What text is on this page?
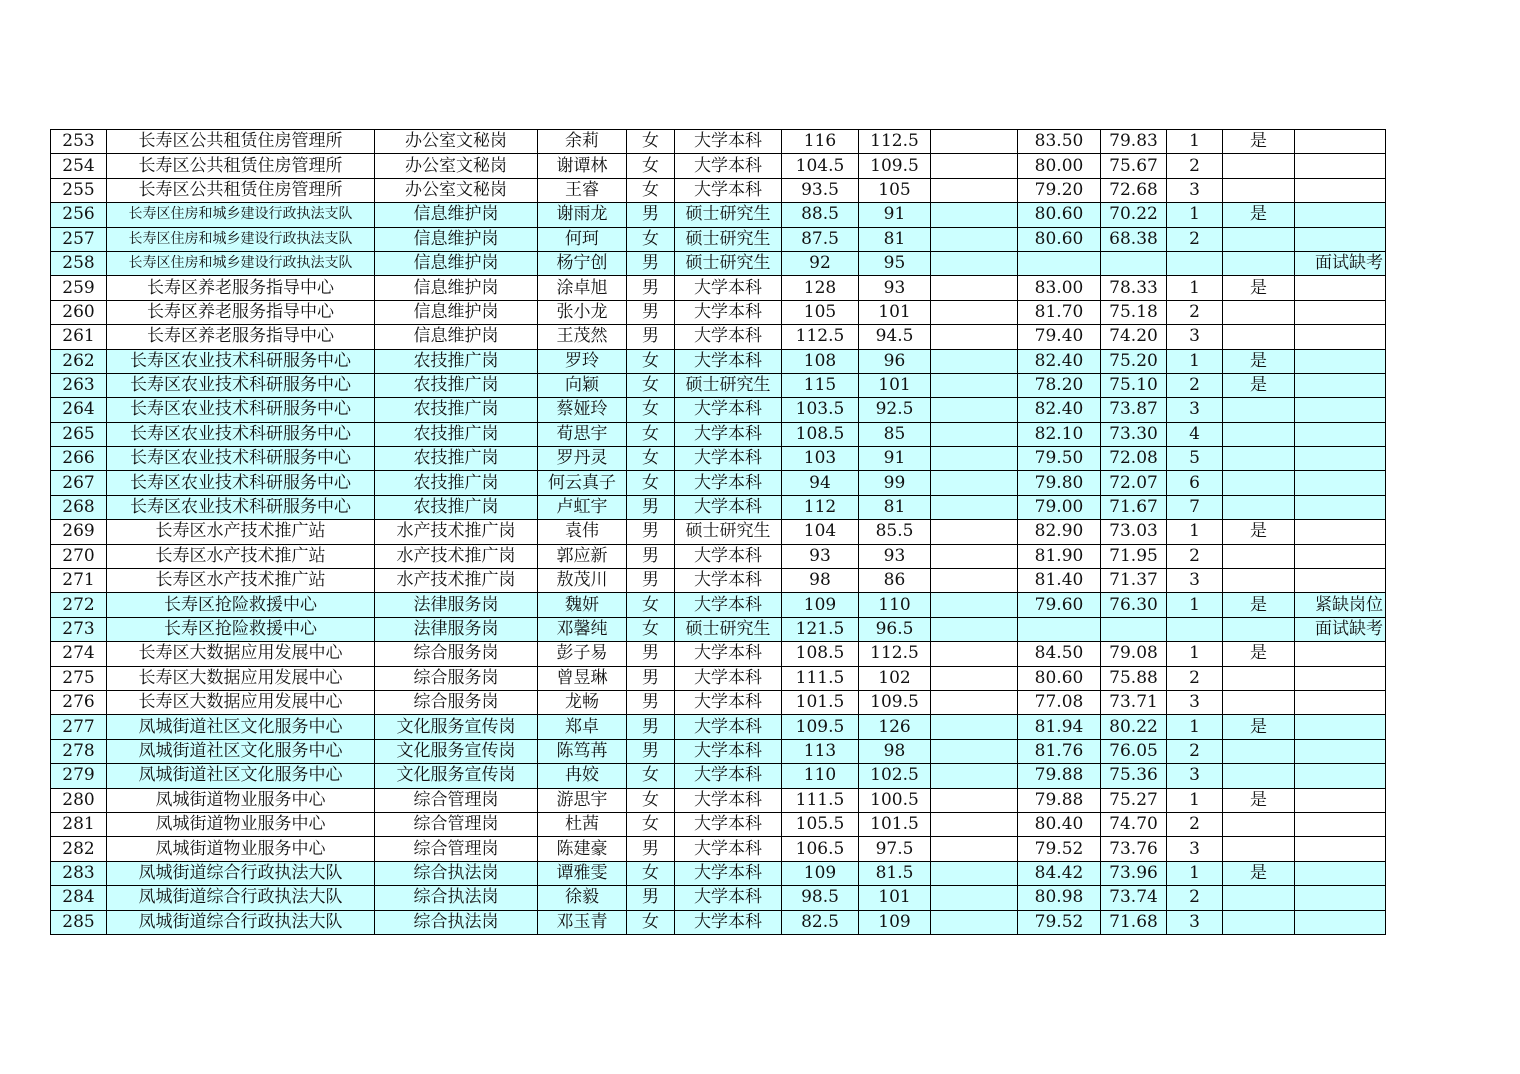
253	长寿区公共租赁住房管理所	办公室文秘岗	余莉	女	大学本科	116	112.5		83.50	79.83	1	是	
254	长寿区公共租赁住房管理所	办公室文秘岗	谢谭林	女	大学本科	104.5	109.5		80.00	75.67	2		
255	长寿区公共租赁住房管理所	办公室文秘岗	王睿	女	大学本科	93.5	105		79.20	72.68	3		
256	长寿区住房和城乡建设行政执法支队	信息维护岗	谢雨龙	男	硕士研究生	88.5	91		80.60	70.22	1	是	
257	长寿区住房和城乡建设行政执法支队	信息维护岗	何珂	女	硕士研究生	87.5	81		80.60	68.38	2		
258	长寿区住房和城乡建设行政执法支队	信息维护岗	杨宁创	男	硕士研究生	92	95						面试缺考
259	长寿区养老服务指导中心	信息维护岗	涂卓旭	男	大学本科	128	93		83.00	78.33	1	是	
260	长寿区养老服务指导中心	信息维护岗	张小龙	男	大学本科	105	101		81.70	75.18	2		
261	长寿区养老服务指导中心	信息维护岗	王茂然	男	大学本科	112.5	94.5		79.40	74.20	3		
262	长寿区农业技术科研服务中心	农技推广岗	罗玲	女	大学本科	108	96		82.40	75.20	1	是	
263	长寿区农业技术科研服务中心	农技推广岗	向颖	女	硕士研究生	115	101		78.20	75.10	2	是	
264	长寿区农业技术科研服务中心	农技推广岗	蔡娅玲	女	大学本科	103.5	92.5		82.40	73.87	3		
265	长寿区农业技术科研服务中心	农技推广岗	荀思宇	女	大学本科	108.5	85		82.10	73.30	4		
266	长寿区农业技术科研服务中心	农技推广岗	罗丹灵	女	大学本科	103	91		79.50	72.08	5		
267	长寿区农业技术科研服务中心	农技推广岗	何云真子	女	大学本科	94	99		79.80	72.07	6		
268	长寿区农业技术科研服务中心	农技推广岗	卢虹宇	男	大学本科	112	81		79.00	71.67	7		
269	长寿区水产技术推广站	水产技术推广岗	袁伟	男	硕士研究生	104	85.5		82.90	73.03	1	是	
270	长寿区水产技术推广站	水产技术推广岗	郭应新	男	大学本科	93	93		81.90	71.95	2		
271	长寿区水产技术推广站	水产技术推广岗	敖茂川	男	大学本科	98	86		81.40	71.37	3		
272	长寿区抢险救援中心	法律服务岗	魏妍	女	大学本科	109	110		79.60	76.30	1	是	紧缺岗位
273	长寿区抢险救援中心	法律服务岗	邓馨纯	女	硕士研究生	121.5	96.5						面试缺考
274	长寿区大数据应用发展中心	综合服务岗	彭子易	男	大学本科	108.5	112.5		84.50	79.08	1	是	
275	长寿区大数据应用发展中心	综合服务岗	曾昱琳	男	大学本科	111.5	102		80.60	75.88	2		
276	长寿区大数据应用发展中心	综合服务岗	龙畅	男	大学本科	101.5	109.5		77.08	73.71	3		
277	凤城街道社区文化服务中心	文化服务宣传岗	郑卓	男	大学本科	109.5	126		81.94	80.22	1	是	
278	凤城街道社区文化服务中心	文化服务宣传岗	陈笃苒	男	大学本科	113	98		81.76	76.05	2		
279	凤城街道社区文化服务中心	文化服务宣传岗	冉姣	女	大学本科	110	102.5		79.88	75.36	3		
280	凤城街道物业服务中心	综合管理岗	游思宇	女	大学本科	111.5	100.5		79.88	75.27	1	是	
281	凤城街道物业服务中心	综合管理岗	杜茜	女	大学本科	105.5	101.5		80.40	74.70	2		
282	凤城街道物业服务中心	综合管理岗	陈建豪	男	大学本科	106.5	97.5		79.52	73.76	3		
283	凤城街道综合行政执法大队	综合执法岗	谭雅雯	女	大学本科	109	81.5		84.42	73.96	1	是	
284	凤城街道综合行政执法大队	综合执法岗	徐毅	男	大学本科	98.5	101		80.98	73.74	2		
285	凤城街道综合行政执法大队	综合执法岗	邓玉青	女	大学本科	82.5	109		79.52	71.68	3		
